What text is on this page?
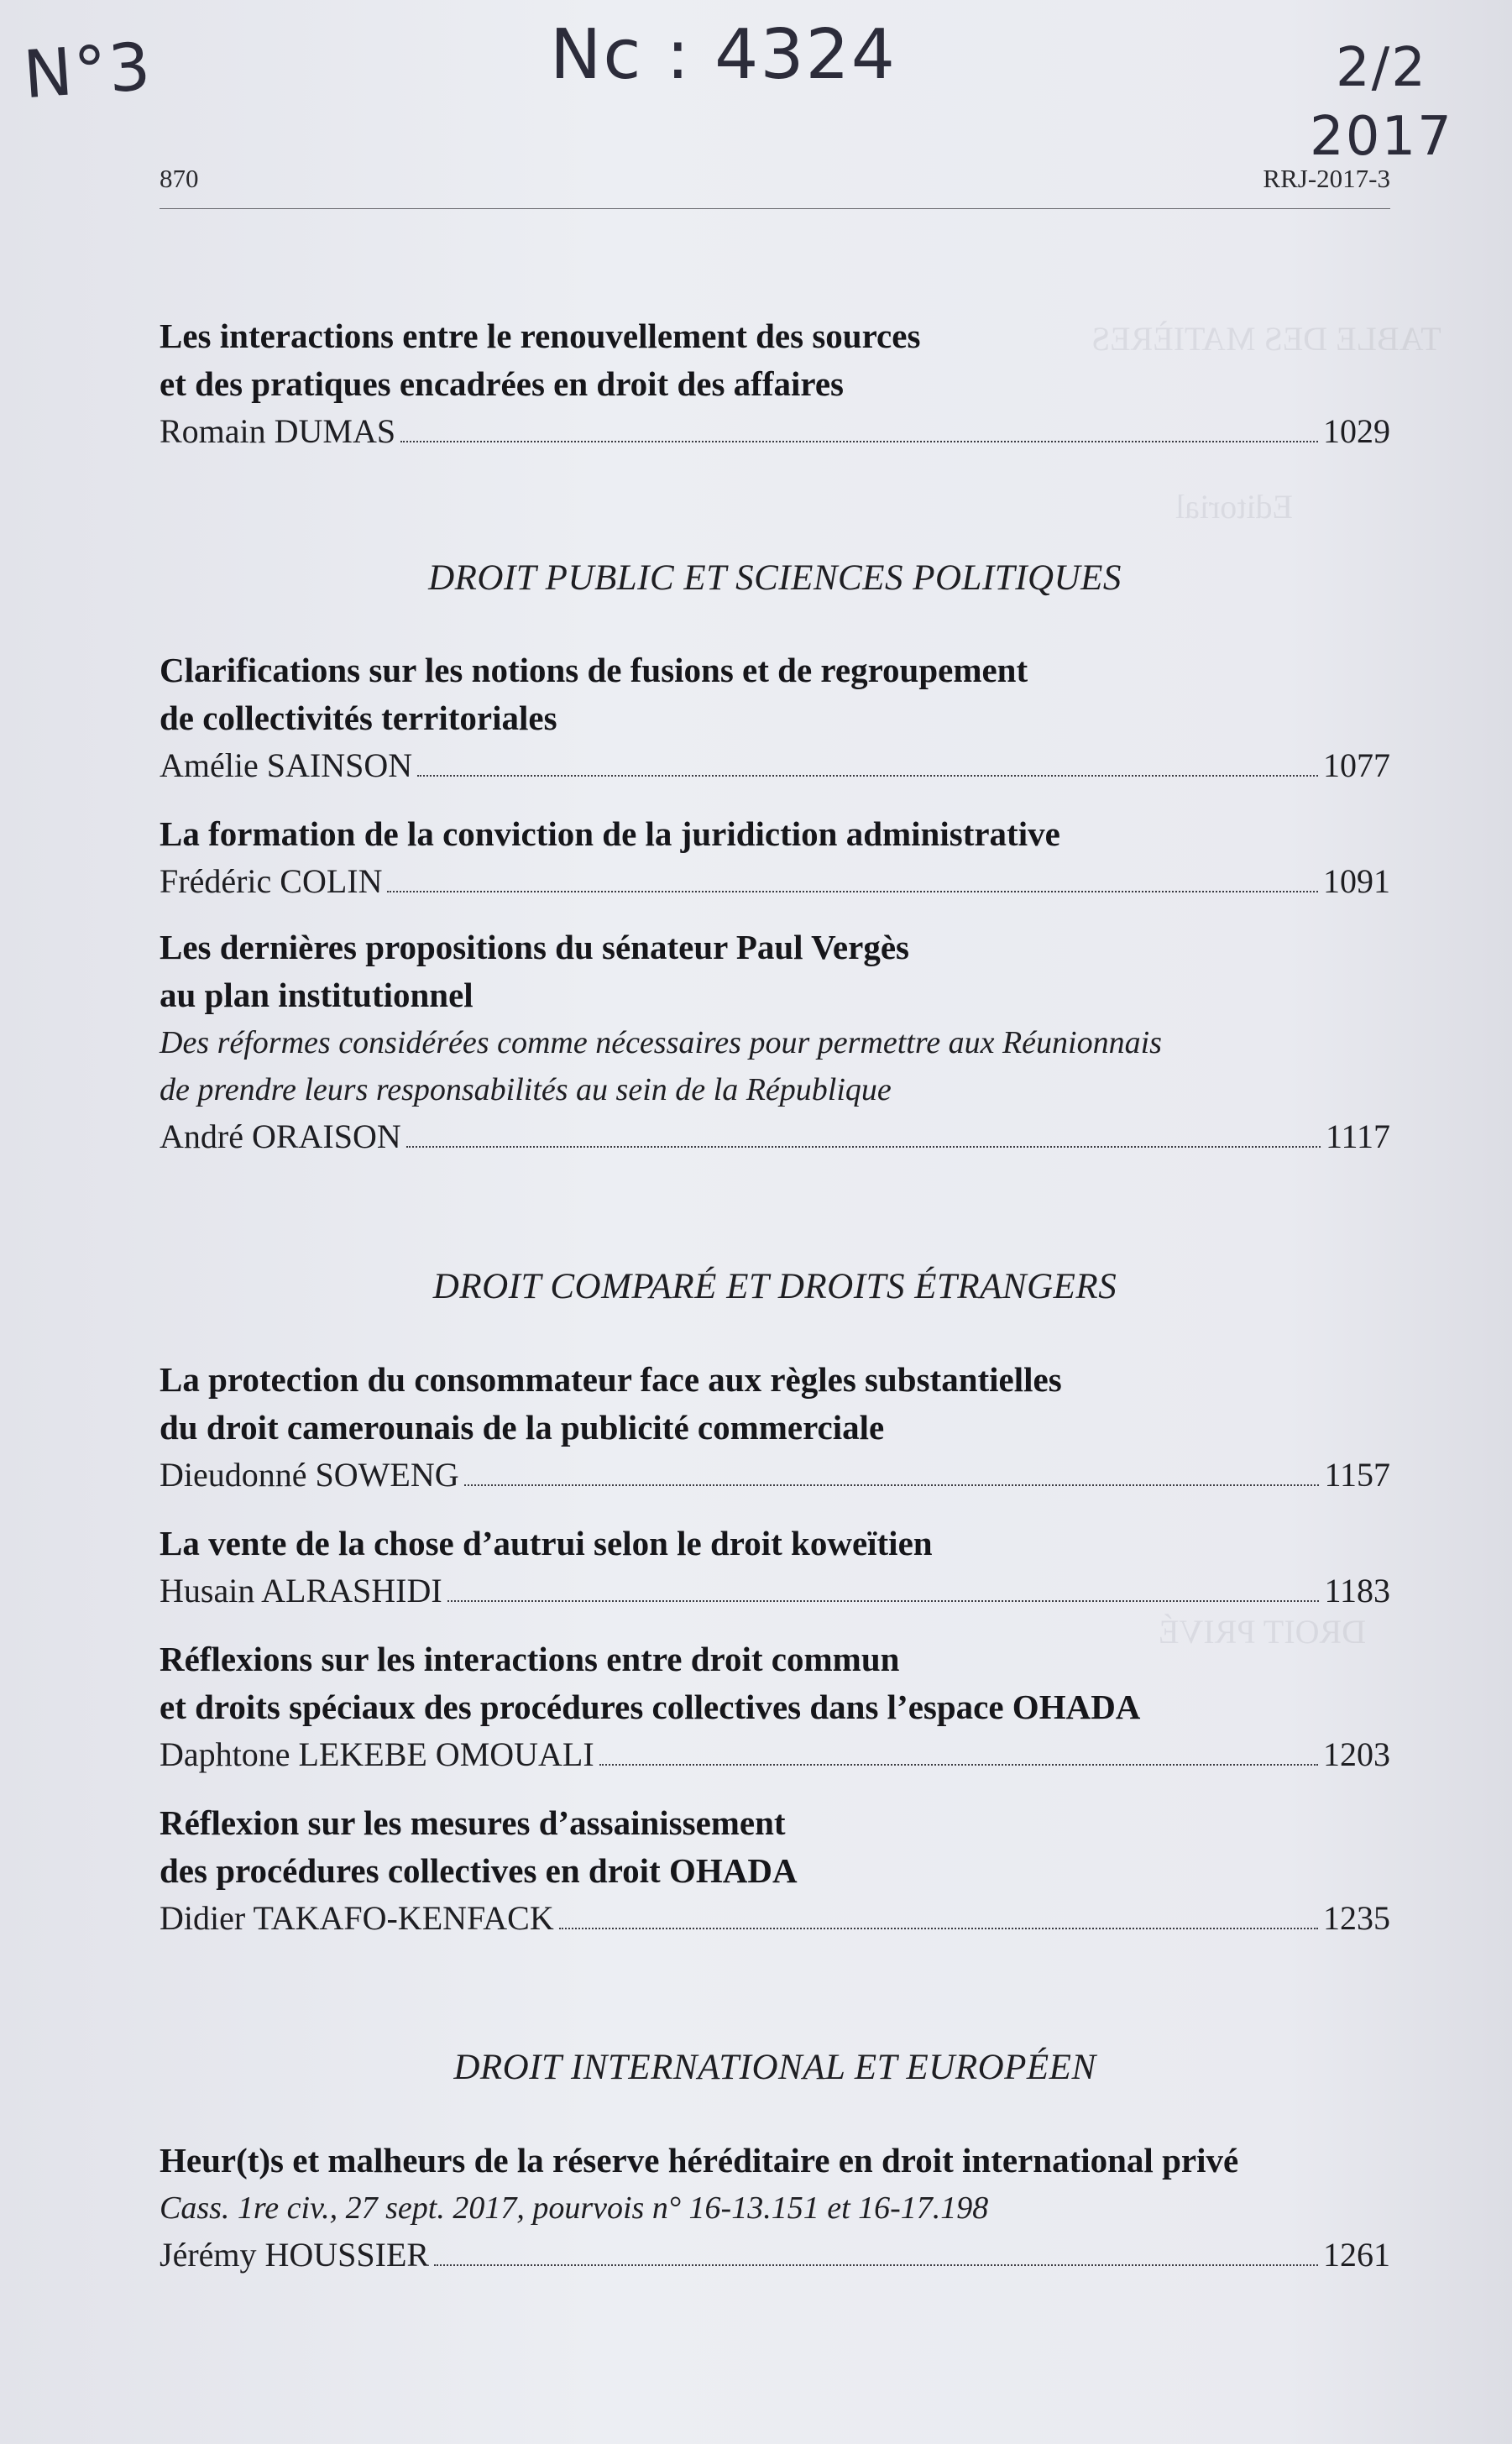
TABLE DES MATIÈRES
Editorial
DROIT PRIVÉ
N°3	Nc : 4324	2/2
2017
870	RRJ-2017-3
Les interactions entre le renouvellement des sources
et des pratiques encadrées en droit des affaires
Romain DUMAS	1029
DROIT PUBLIC ET SCIENCES POLITIQUES
Clarifications sur les notions de fusions et de regroupement
de collectivités territoriales
Amélie SAINSON	1077
La formation de la conviction de la juridiction administrative
Frédéric COLIN	1091
Les dernières propositions du sénateur Paul Vergès
au plan institutionnel
Des réformes considérées comme nécessaires pour permettre aux Réunionnais
de prendre leurs responsabilités au sein de la République
André ORAISON	1117
DROIT COMPARÉ ET DROITS ÉTRANGERS
La protection du consommateur face aux règles substantielles
du droit camerounais de la publicité commerciale
Dieudonné SOWENG	1157
La vente de la chose d’autrui selon le droit koweïtien
Husain ALRASHIDI	1183
Réflexions sur les interactions entre droit commun
et droits spéciaux des procédures collectives dans l’espace OHADA
Daphtone LEKEBE OMOUALI	1203
Réflexion sur les mesures d’assainissement
des procédures collectives en droit OHADA
Didier TAKAFO-KENFACK	1235
DROIT INTERNATIONAL ET EUROPÉEN
Heur(t)s et malheurs de la réserve héréditaire en droit international privé
Cass. 1re civ., 27 sept. 2017, pourvois n° 16-13.151 et 16-17.198
Jérémy HOUSSIER	1261
